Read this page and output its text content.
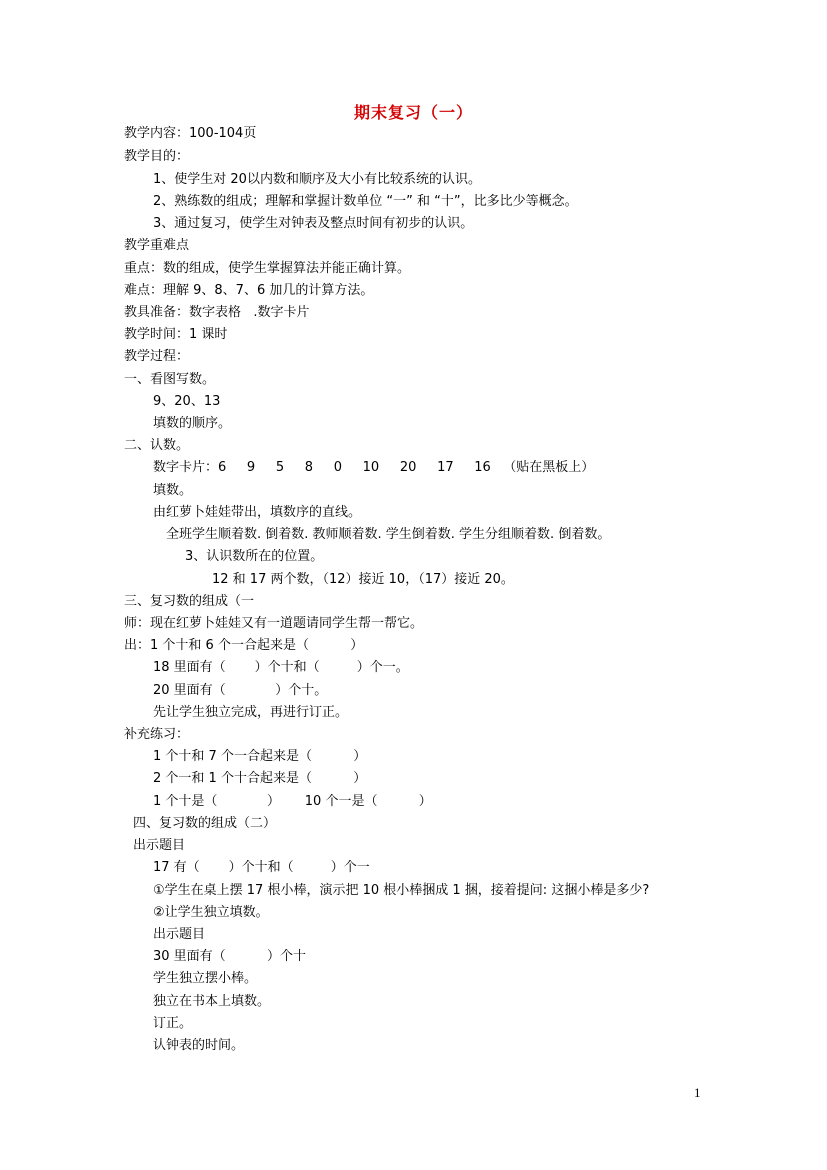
期末复习（一）
教学内容：100-104页
教学目的：
1、使学生对 20以内数和顺序及大小有比较系统的认识。
2、熟练数的组成；理解和掌握计数单位 “一” 和 “十”，比多比少等概念。
3、通过复习，使学生对钟表及整点时间有初步的认识。
教学重难点
重点：数的组成，使学生掌握算法并能正确计算。
难点：理解 9、8、7、6 加几的计算方法。
教具准备：数字表格   .数字卡片
教学时间：1 课时
教学过程：
一、看图写数。
9、20、13
填数的顺序。
二、认数。
数字卡片：6     9     5     8     0     10     20     17     16   （贴在黑板上）
填数。
由红萝卜娃娃带出，填数序的直线。
全班学生顺着数. 倒着数. 教师顺着数. 学生倒着数. 学生分组顺着数. 倒着数。
3、认识数所在的位置。
12 和 17 两个数，（12）接近 10，（17）接近 20。
三、复习数的组成（一
师：现在红萝卜娃娃又有一道题请同学生帮一帮它。
出：1 个十和 6 个一合起来是（          ）
18 里面有（       ）个十和（         ）个一。
20 里面有（            ）个十。
先让学生独立完成，再进行订正。
补充练习：
1 个十和 7 个一合起来是（          ）
2 个一和 1 个十合起来是（          ）
1 个十是（            ）      10 个一是（          ）
四、复习数的组成（二）
出示题目
17 有（       ）个十和（         ）个一
①学生在桌上摆 17 根小棒，演示把 10 根小棒捆成 1 捆，接着提问: 这捆小棒是多少?
②让学生独立填数。
出示题目
30 里面有（          ）个十
学生独立摆小棒。
独立在书本上填数。
订正。
认钟表的时间。
1
